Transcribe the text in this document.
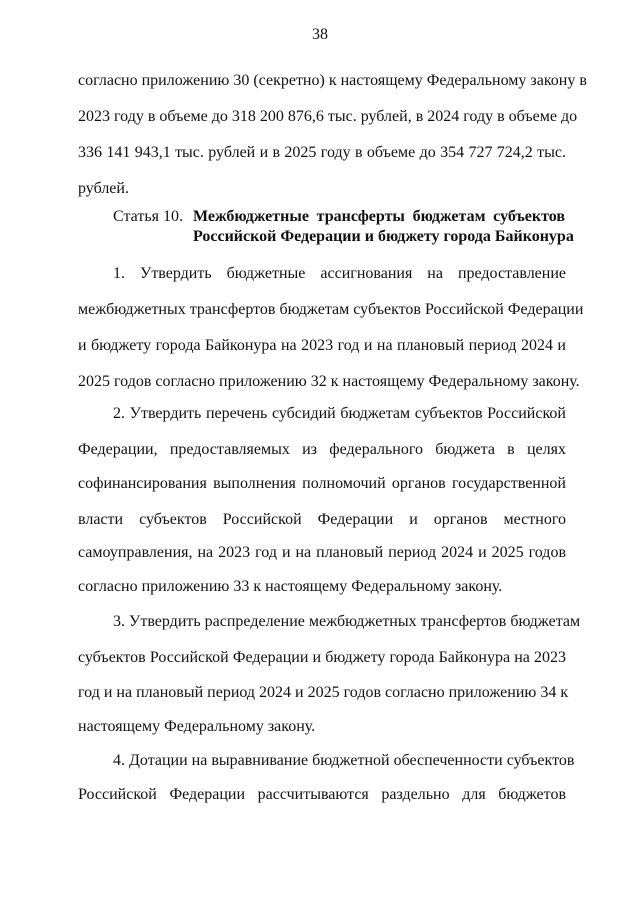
38
согласно приложению 30 (секретно) к настоящему Федеральному закону в
2023 году в объеме до 318 200 876,6 тыс. рублей, в 2024 году в объеме до
336 141 943,1 тыс. рублей и в 2025 году в объеме до 354 727 724,2 тыс.
рублей.
Статья 10. Межбюджетные трансферты бюджетам субъектов
Российской Федерации и бюджету города Байконура
1. Утвердить бюджетные ассигнования на предоставление
межбюджетных трансфертов бюджетам субъектов Российской Федерации
и бюджету города Байконура на 2023 год и на плановый период 2024 и
2025 годов согласно приложению 32 к настоящему Федеральному закону.
2. Утвердить перечень субсидий бюджетам субъектов Российской
Федерации, предоставляемых из федерального бюджета в целях
софинансирования выполнения полномочий органов государственной
власти субъектов Российской Федерации и органов местного
самоуправления, на 2023 год и на плановый период 2024 и 2025 годов
согласно приложению 33 к настоящему Федеральному закону.
3. Утвердить распределение межбюджетных трансфертов бюджетам
субъектов Российской Федерации и бюджету города Байконура на 2023
год и на плановый период 2024 и 2025 годов согласно приложению 34 к
настоящему Федеральному закону.
4. Дотации на выравнивание бюджетной обеспеченности субъектов
Российской Федерации рассчитываются раздельно для бюджетов
